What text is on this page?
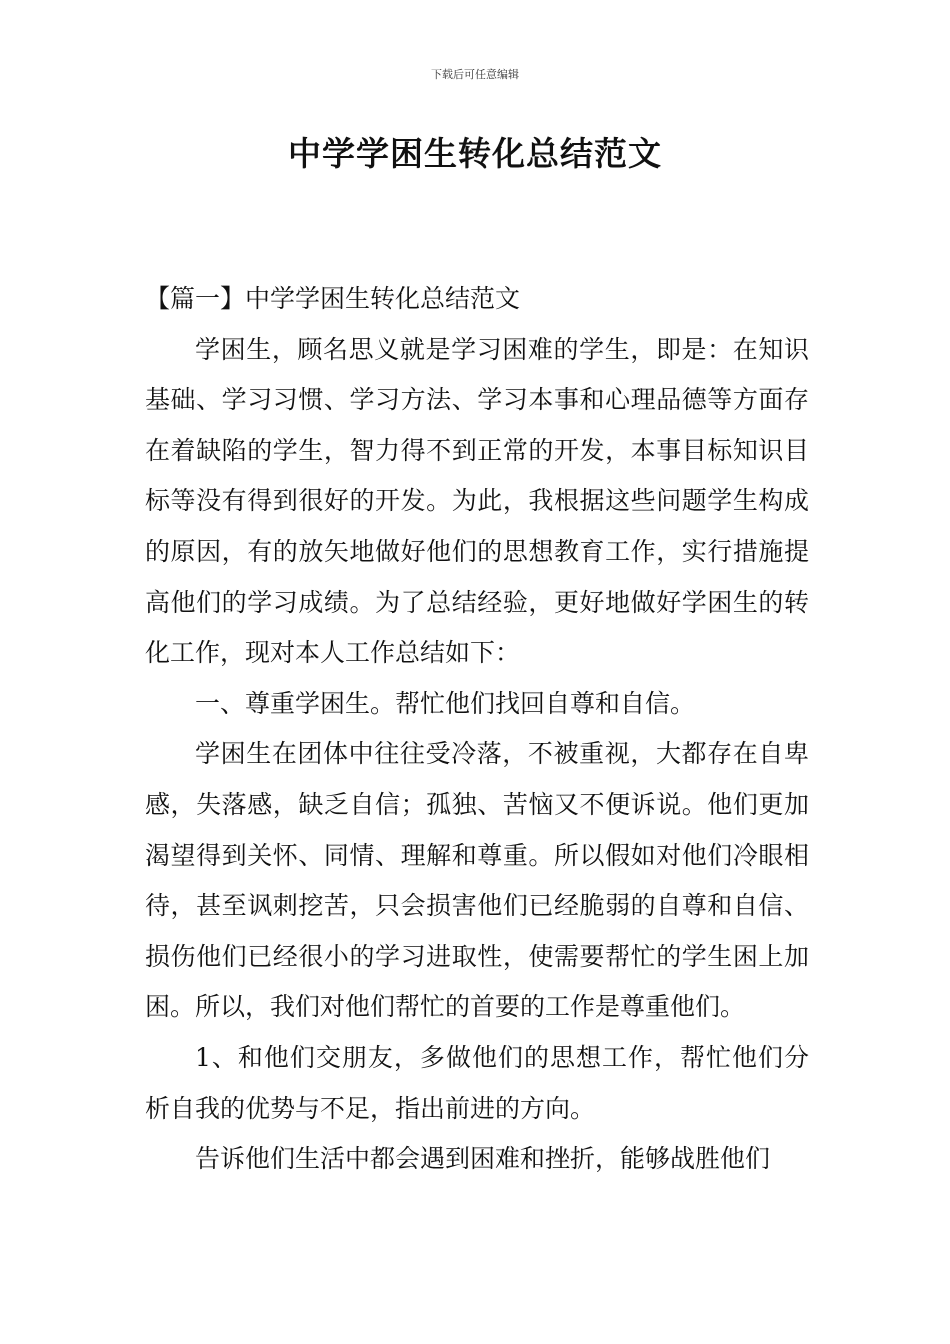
下载后可任意编辑
中学学困生转化总结范文

【篇一】中学学困生转化总结范文

学困生，顾名思义就是学习困难的学生，即是：在知识基础、学习习惯、学习方法、学习本事和心理品德等方面存在着缺陷的学生，智力得不到正常的开发，本事目标知识目标等没有得到很好的开发。为此，我根据这些问题学生构成的原因，有的放矢地做好他们的思想教育工作，实行措施提高他们的学习成绩。为了总结经验，更好地做好学困生的转化工作，现对本人工作总结如下：

一、尊重学困生。帮忙他们找回自尊和自信。

学困生在团体中往往受冷落，不被重视，大都存在自卑感，失落感，缺乏自信；孤独、苦恼又不便诉说。他们更加渴望得到关怀、同情、理解和尊重。所以假如对他们冷眼相待，甚至讽刺挖苦，只会损害他们已经脆弱的自尊和自信、损伤他们已经很小的学习进取性，使需要帮忙的学生困上加困。所以，我们对他们帮忙的首要的工作是尊重他们。

1、和他们交朋友，多做他们的思想工作，帮忙他们分析自我的优势与不足，指出前进的方向。

告诉他们生活中都会遇到困难和挫折，能够战胜他们
